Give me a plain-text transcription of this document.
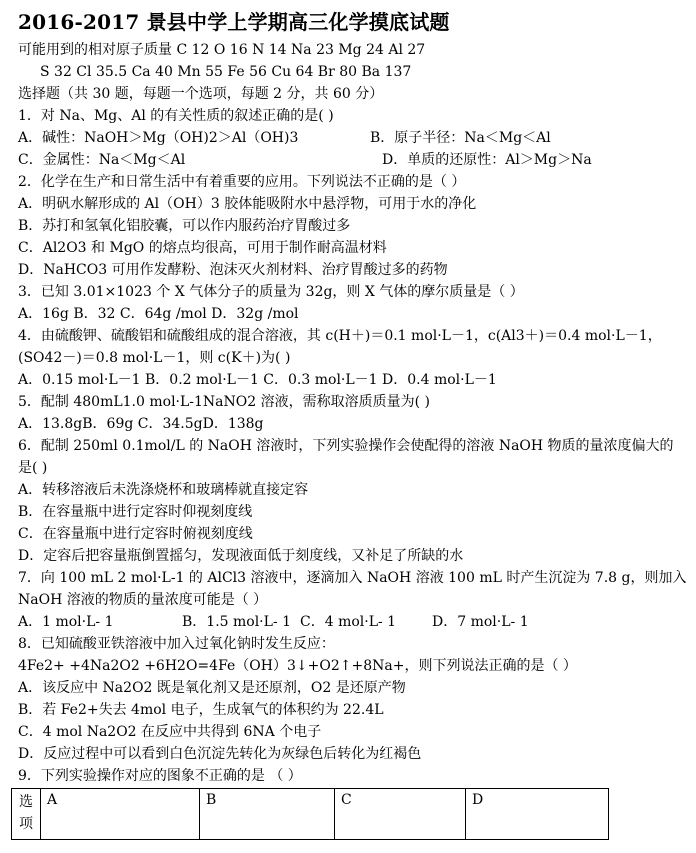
2016-2017 景县中学上学期高三化学摸底试题
可能用到的相对原子质量 C 12 O 16 N 14 Na 23 Mg 24 Al 27
S 32 Cl 35.5 Ca 40 Mn 55 Fe 56 Cu 64 Br 80 Ba 137
选择题（共 30 题，每题一个选项，每题 2 分，共 60 分）
1．对 Na、Mg、Al 的有关性质的叙述正确的是( )
A．碱性：NaOH＞Mg（OH)2＞Al（OH)3	B．原子半径：Na＜Mg＜Al
C．金属性：Na＜Mg＜Al	D．单质的还原性：Al＞Mg＞Na
2．化学在生产和日常生活中有着重要的应用。下列说法不正确的是（ ）
A．明矾水解形成的 Al（OH）3 胶体能吸附水中悬浮物，可用于水的净化
B．苏打和氢氧化铝胶囊，可以作内服药治疗胃酸过多
C．Al2O3 和 MgO 的熔点均很高，可用于制作耐高温材料
D．NaHCO3 可用作发酵粉、泡沫灭火剂材料、治疗胃酸过多的药物
3．已知 3.01×1023 个 X 气体分子的质量为 32g，则 X 气体的摩尔质量是（ ）
A．16g B．32 C．64g /mol D．32g /mol
4．由硫酸钾、硫酸铝和硫酸组成的混合溶液，其 c(H＋)＝0.1 mol·L－1，c(Al3＋)＝0.4 mol·L－1，
(SO42－)＝0.8 mol·L－1，则 c(K＋)为( )
A．0.15 mol·L－1 B．0.2 mol·L－1 C．0.3 mol·L－1 D．0.4 mol·L－1
5．配制 480mL1.0 mol·L-1NaNO2 溶液，需称取溶质质量为( )
A．13.8gB．69g C．34.5gD．138g
6．配制 250ml 0.1mol/L 的 NaOH 溶液时，下列实验操作会使配得的溶液 NaOH 物质的量浓度偏大的
是( )
A．转移溶液后未洗涤烧杯和玻璃棒就直接定容
B．在容量瓶中进行定容时仰视刻度线
C．在容量瓶中进行定容时俯视刻度线
D．定容后把容量瓶倒置摇匀，发现液面低于刻度线，又补足了所缺的水
7．向 100 mL 2 mol·L-1 的 AlCl3 溶液中，逐滴加入 NaOH 溶液 100 mL 时产生沉淀为 7.8 g，则加入
NaOH 溶液的物质的量浓度可能是（ ）
A．1 mol·L- 1	B．1.5 mol·L- 1 C．4 mol·L- 1	D．7 mol·L- 1
8．已知硫酸亚铁溶液中加入过氧化钠时发生反应：
4Fe2+ +4Na2O2 +6H2O=4Fe（OH）3↓+O2↑+8Na+，则下列说法正确的是（ ）
A．该反应中 Na2O2 既是氧化剂又是还原剂，O2 是还原产物
B．若 Fe2+失去 4mol 电子，生成氧气的体积约为 22.4L
C．4 mol Na2O2 在反应中共得到 6NA 个电子
D．反应过程中可以看到白色沉淀先转化为灰绿色后转化为红褐色
9．下列实验操作对应的图象不正确的是 （ ）
选项	A	B	C	D
